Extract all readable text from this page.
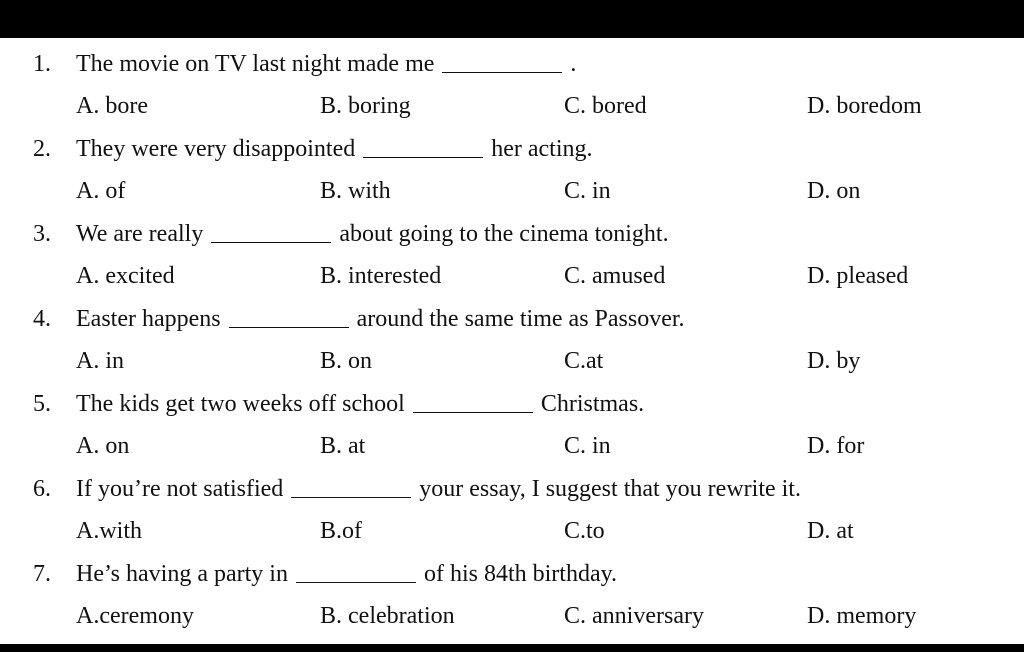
1. The movie on TV last night made me	.
A. bore	B. boring	C. bored	D. boredom
2. They were very disappointed	her acting.
A. of	B. with	C. in	D. on
3. We are really	about going to the cinema tonight.
A. excited	B. interested	C. amused	D. pleased
4. Easter happens	around the same time as Passover.
A. in	B. on	C.at	D. by
5. The kids get two weeks off school	Christmas.
A. on	B. at	C. in	D. for
6. If you’re not satisfied	your essay, I suggest that you rewrite it.
A.with	B.of	C.to	D. at
7. He’s having a party in	of his 84th birthday.
A.ceremony	B. celebration	C. anniversary	D. memory
